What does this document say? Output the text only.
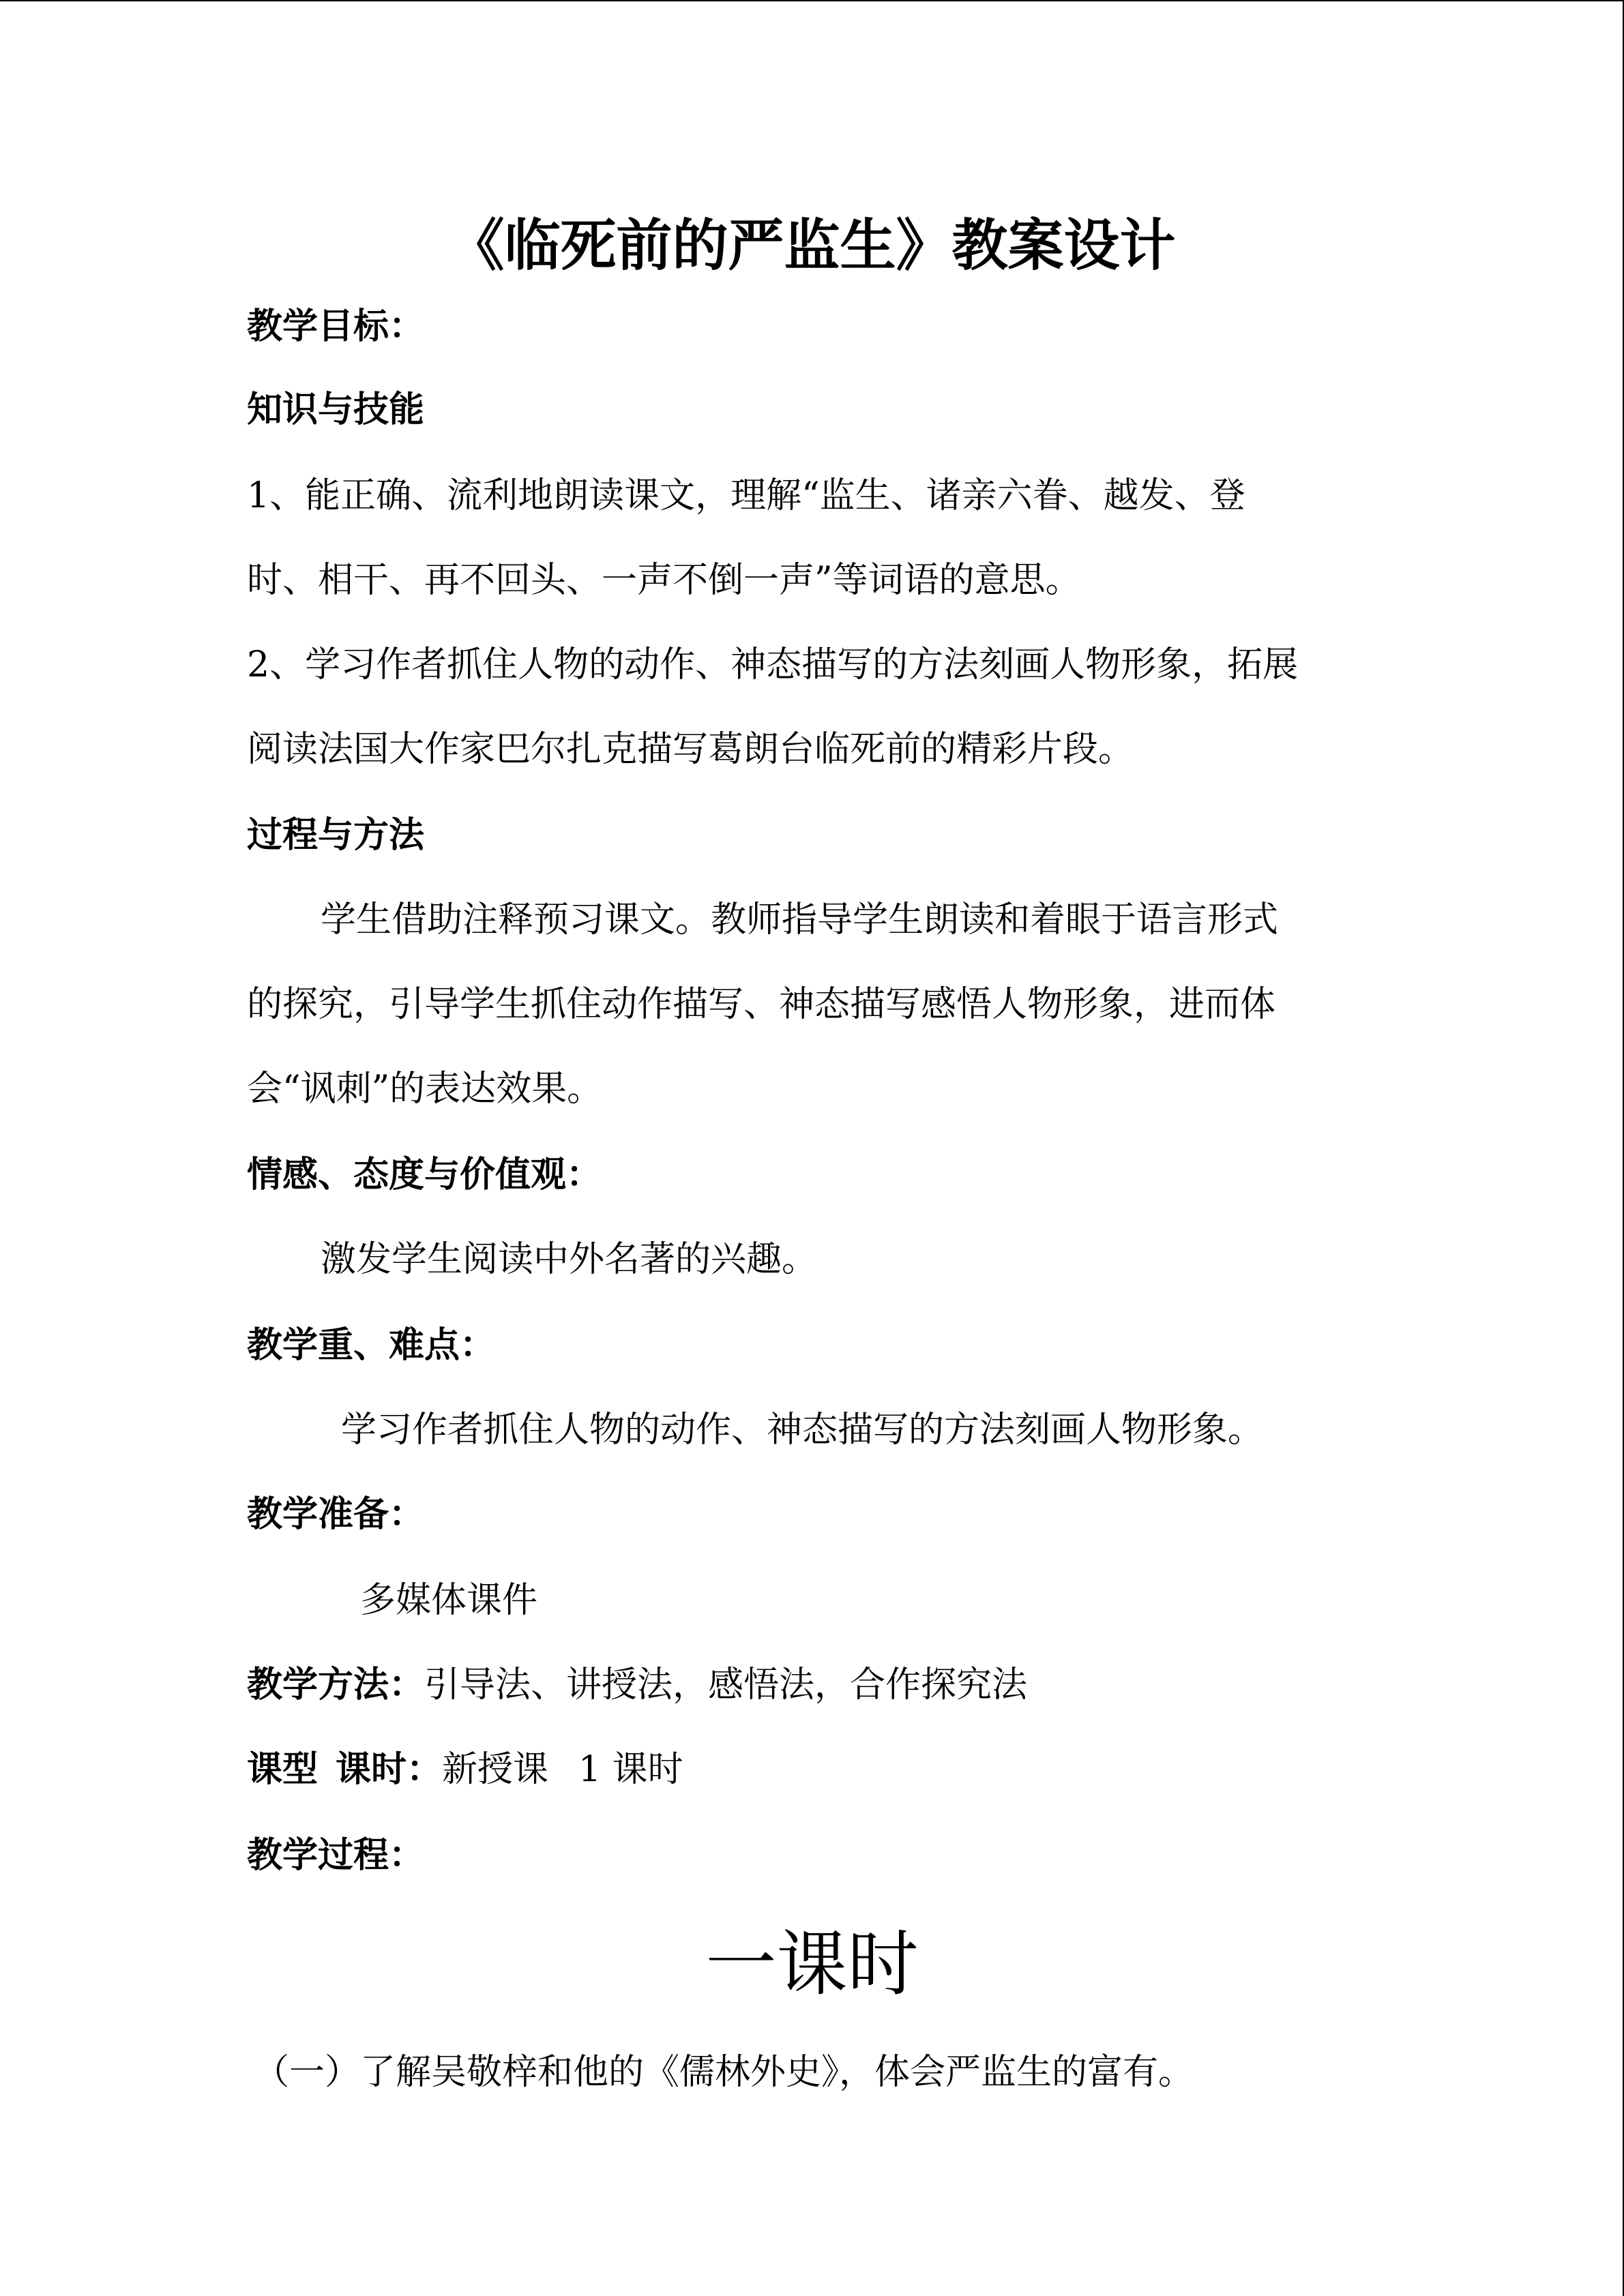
《临死前的严监生》教案设计
教学目标：
知识与技能
1、能正确、流利地朗读课文，理解“监生、诸亲六眷、越发、登
时、相干、再不回头、一声不倒一声”等词语的意思。
2、学习作者抓住人物的动作、神态描写的方法刻画人物形象，拓展
阅读法国大作家巴尔扎克描写葛朗台临死前的精彩片段。
过程与方法
学生借助注释预习课文。教师指导学生朗读和着眼于语言形式
的探究，引导学生抓住动作描写、神态描写感悟人物形象，进而体
会“讽刺”的表达效果。
情感、态度与价值观：
激发学生阅读中外名著的兴趣。
教学重、难点：
学习作者抓住人物的动作、神态描写的方法刻画人物形象。
教学准备：
多媒体课件
教学方法：引导法、讲授法，感悟法，合作探究法
课型 课时：新授课 1 课时
教学过程：
一课时
（一）了解吴敬梓和他的《儒林外史》，体会严监生的富有。
